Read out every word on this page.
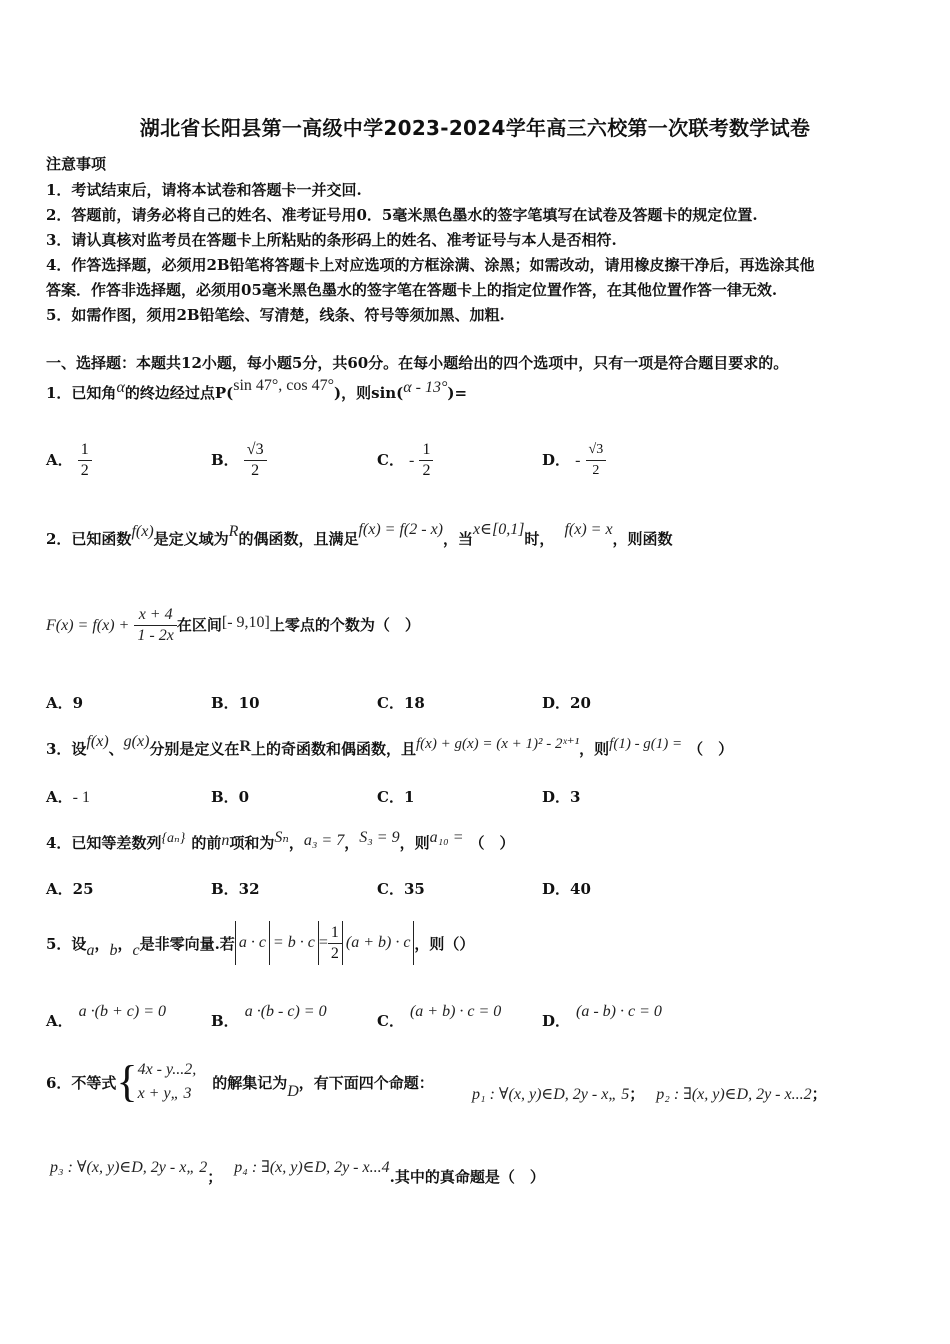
湖北省长阳县第一高级中学2023-2024学年高三六校第一次联考数学试卷
注意事项
1．考试结束后，请将本试卷和答题卡一并交回.
2．答题前，请务必将自己的姓名、准考证号用0．5毫米黑色墨水的签字笔填写在试卷及答题卡的规定位置.
3．请认真核对监考员在答题卡上所粘贴的条形码上的姓名、准考证号与本人是否相符.
4．作答选择题，必须用2B铅笔将答题卡上对应选项的方框涂满、涂黑；如需改动，请用橡皮擦干净后，再选涂其他
答案．作答非选择题，必须用05毫米黑色墨水的签字笔在答题卡上的指定位置作答，在其他位置作答一律无效.
5．如需作图，须用2B铅笔绘、写清楚，线条、符号等须加黑、加粗.
一、选择题：本题共12小题，每小题5分，共60分。在每小题给出的四个选项中，只有一项是符合题目要求的。
1．已知角α的终边经过点P(sin 47°, cos 47°)，则sin(α - 13°)=
A． $\frac{1}{2}$	B． $\frac{√3}{2}$	C． - $\frac{1}{2}$	D． - $\frac{√3}{2}$
2．已知函数f(x)是定义域为R的偶函数，且满足f(x) = f(2 - x)，当x∈[0,1]时，f(x) = x，则函数
$F(x) = f(x) + \frac{x + 4}{1 - 2x}$ 在区间[- 9,10]上零点的个数为（　）
A．9	B．10	C．18	D．20
3．设f(x)、g(x)分别是定义在R上的奇函数和偶函数，且f(x) + g(x) = (x + 1)² - 2ˣ⁺¹，则f(1) - g(1) = （　）
A．- 1	B．0	C．1	D．3
4．已知等差数列{aₙ} 的前n项和为Sₙ，a₃ = 7，S₃ = 9，则a₁₀ = （　）
A．25	B．32	C．35	D．40
5．设 a ， b ， c 是非零向量.若 $a \cdot c = b \cdot c = \frac{1}{2} (a + b) \cdot c$ ，则（）
A．a ·(b + c) = 0
B．a ·(b - c) = 0
C．(a + b) · c = 0
D．(a - b) · c = 0
6．不等式 { 4x - y...2,
x + y„ 3
的解集记为 D ，有下面四个命题：
p₁ : ∀(x, y)∈D, 2y - x„ 5； p₂ : ∃(x, y)∈D, 2y - x...2；
p₃ : ∀(x, y)∈D, 2y - x„ 2；p₄ : ∃(x, y)∈D, 2y - x...4.其中的真命题是（　）
